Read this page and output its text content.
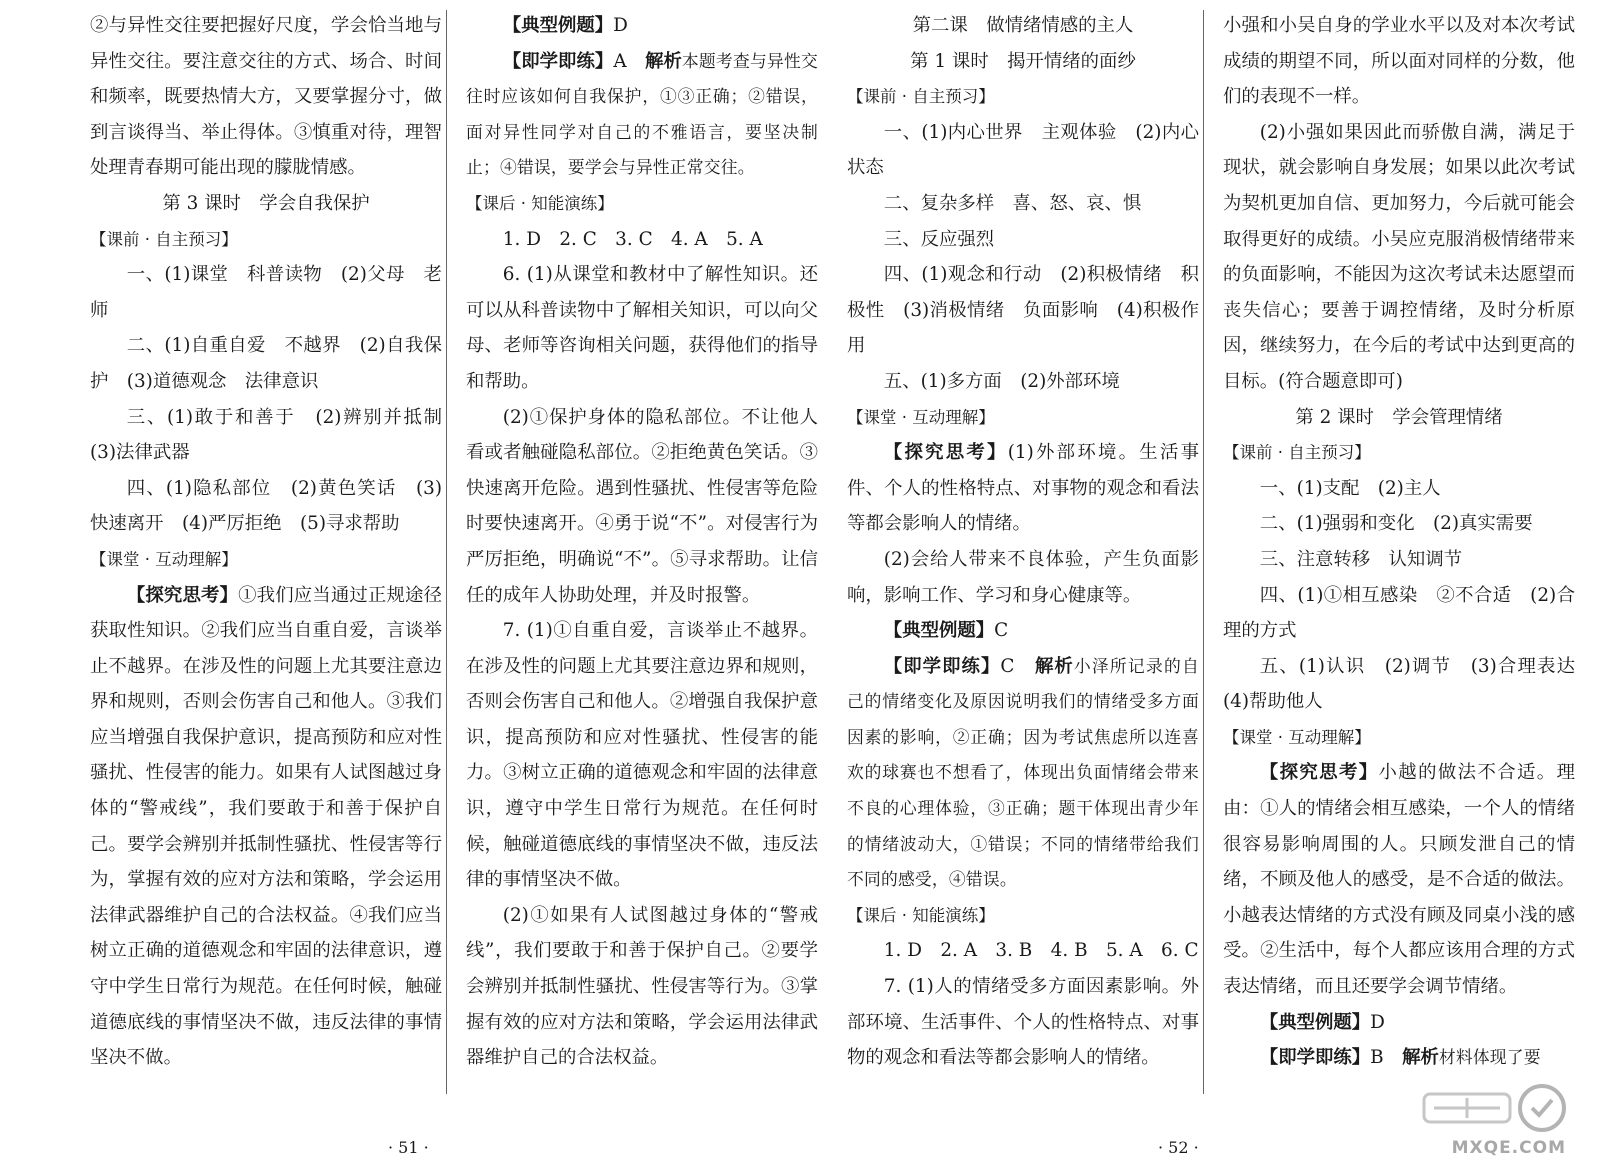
②与异性交往要把握好尺度，学会恰当地与异性交往。要注意交往的方式、场合、时间和频率，既要热情大方，又要掌握分寸，做到言谈得当、举止得体。③慎重对待，理智处理青春期可能出现的朦胧情感。

第 3 课时　学会自我保护

【课前 · 自主预习】

一、(1)课堂　科普读物　(2)父母　老师

二、(1)自重自爱　不越界　(2)自我保护　(3)道德观念　法律意识

三、(1)敢于和善于　(2)辨别并抵制　(3)法律武器

四、(1)隐私部位　(2)黄色笑话　(3)快速离开　(4)严厉拒绝　(5)寻求帮助

【课堂 · 互动理解】

【探究思考】①我们应当通过正规途径获取性知识。②我们应当自重自爱，言谈举止不越界。在涉及性的问题上尤其要注意边界和规则，否则会伤害自己和他人。③我们应当增强自我保护意识，提高预防和应对性骚扰、性侵害的能力。如果有人试图越过身体的“警戒线”，我们要敢于和善于保护自己。要学会辨别并抵制性骚扰、性侵害等行为，掌握有效的应对方法和策略，学会运用法律武器维护自己的合法权益。④我们应当树立正确的道德观念和牢固的法律意识，遵守中学生日常行为规范。在任何时候，触碰道德底线的事情坚决不做，违反法律的事情坚决不做。

【典型例题】D

【即学即练】A　解析本题考查与异性交往时应该如何自我保护，①③正确；②错误，面对异性同学对自己的不雅语言，要坚决制止；④错误，要学会与异性正常交往。

【课后 · 知能演练】

1. D　2. C　3. C　4. A　5. A

6. (1)从课堂和教材中了解性知识。还可以从科普读物中了解相关知识，可以向父母、老师等咨询相关问题，获得他们的指导和帮助。

(2)①保护身体的隐私部位。不让他人看或者触碰隐私部位。②拒绝黄色笑话。③快速离开危险。遇到性骚扰、性侵害等危险时要快速离开。④勇于说“不”。对侵害行为严厉拒绝，明确说“不”。⑤寻求帮助。让信任的成年人协助处理，并及时报警。

7. (1)①自重自爱，言谈举止不越界。在涉及性的问题上尤其要注意边界和规则，否则会伤害自己和他人。②增强自我保护意识，提高预防和应对性骚扰、性侵害的能力。③树立正确的道德观念和牢固的法律意识，遵守中学生日常行为规范。在任何时候，触碰道德底线的事情坚决不做，违反法律的事情坚决不做。

(2)①如果有人试图越过身体的“警戒线”，我们要敢于和善于保护自己。②要学会辨别并抵制性骚扰、性侵害等行为。③掌握有效的应对方法和策略，学会运用法律武器维护自己的合法权益。

· 51 ·

第二课　做情绪情感的主人

第 1 课时　揭开情绪的面纱

【课前 · 自主预习】

一、(1)内心世界　主观体验　(2)内心状态

二、复杂多样　喜、怒、哀、惧

三、反应强烈

四、(1)观念和行动　(2)积极情绪　积极性　(3)消极情绪　负面影响　(4)积极作用

五、(1)多方面　(2)外部环境

【课堂 · 互动理解】

【探究思考】(1)外部环境。生活事件、个人的性格特点、对事物的观念和看法等都会影响人的情绪。

(2)会给人带来不良体验，产生负面影响，影响工作、学习和身心健康等。

【典型例题】C

【即学即练】C　解析小泽所记录的自己的情绪变化及原因说明我们的情绪受多方面因素的影响，②正确；因为考试焦虑所以连喜欢的球赛也不想看了，体现出负面情绪会带来不良的心理体验，③正确；题干体现出青少年的情绪波动大，①错误；不同的情绪带给我们不同的感受，④错误。

【课后 · 知能演练】

1. D　2. A　3. B　4. B　5. A　6. C

7. (1)人的情绪受多方面因素影响。外部环境、生活事件、个人的性格特点、对事物的观念和看法等都会影响人的情绪。

小强和小吴自身的学业水平以及对本次考试成绩的期望不同，所以面对同样的分数，他们的表现不一样。

(2)小强如果因此而骄傲自满，满足于现状，就会影响自身发展；如果以此次考试为契机更加自信、更加努力，今后就可能会取得更好的成绩。小吴应克服消极情绪带来的负面影响，不能因为这次考试未达愿望而丧失信心；要善于调控情绪，及时分析原因，继续努力，在今后的考试中达到更高的目标。(符合题意即可)

第 2 课时　学会管理情绪

【课前 · 自主预习】

一、(1)支配　(2)主人

二、(1)强弱和变化　(2)真实需要

三、注意转移　认知调节

四、(1)①相互感染　②不合适　(2)合理的方式

五、(1)认识　(2)调节　(3)合理表达　(4)帮助他人

【课堂 · 互动理解】

【探究思考】小越的做法不合适。理由：①人的情绪会相互感染，一个人的情绪很容易影响周围的人。只顾发泄自己的情绪，不顾及他人的感受，是不合适的做法。小越表达情绪的方式没有顾及同桌小浅的感受。②生活中，每个人都应该用合理的方式表达情绪，而且还要学会调节情绪。

【典型例题】D

【即学即练】B　解析材料体现了要

· 52 ·	MXQE.COM
